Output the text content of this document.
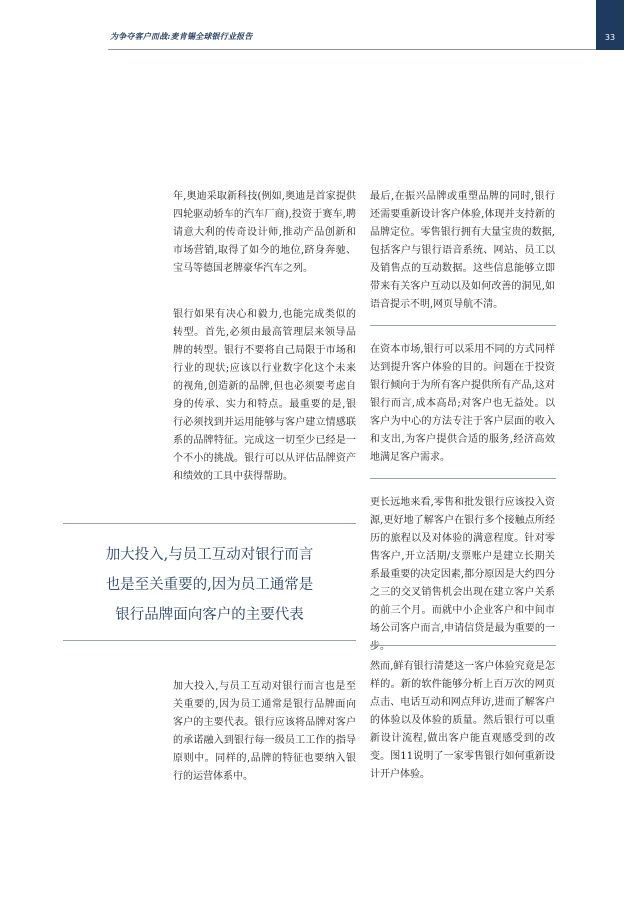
为争夺客户而战:麦肯锡全球银行业报告	33

年,奥迪采取新科技(例如,奥迪是首家提供四轮驱动轿车的汽车厂商),投资于赛车,聘请意大利的传奇设计师,推动产品创新和市场营销,取得了如今的地位,跻身奔驰、宝马等德国老牌豪华汽车之列。

银行如果有决心和毅力,也能完成类似的转型。首先,必须由最高管理层来领导品牌的转型。银行不要将自己局限于市场和行业的现状;应该以行业数字化这个未来的视角,创造新的品牌,但也必须要考虑自身的传承、实力和特点。最重要的是,银行必须找到并运用能够与客户建立情感联系的品牌特征。完成这一切至少已经是一个不小的挑战。银行可以从评估品牌资产和绩效的工具中获得帮助。

加大投入,与员工互动对银行而言
也是至关重要的,因为员工通常是
银行品牌面向客户的主要代表

加大投入,与员工互动对银行而言也是至关重要的,因为员工通常是银行品牌面向客户的主要代表。银行应该将品牌对客户的承诺融入到银行每一级员工工作的指导原则中。同样的,品牌的特征也要纳入银行的运营体系中。

最后,在振兴品牌或重塑品牌的同时,银行还需要重新设计客户体验,体现并支持新的品牌定位。零售银行拥有大量宝贵的数据,包括客户与银行语音系统、网站、员工以及销售点的互动数据。这些信息能够立即带来有关客户互动以及如何改善的洞见,如语音提示不明,网页导航不清。

在资本市场,银行可以采用不同的方式同样达到提升客户体验的目的。问题在于投资银行倾向于为所有客户提供所有产品,这对银行而言,成本高昂;对客户也无益处。以客户为中心的方法专注于客户层面的收入和支出,为客户提供合适的服务,经济高效地满足客户需求。

更长远地来看,零售和批发银行应该投入资源,更好地了解客户在银行多个接触点所经历的旅程以及对体验的满意程度。针对零售客户,开立活期/支票账户是建立长期关系最重要的决定因素,都分原因是大约四分之三的交叉销售机会出现在建立客户关系的前三个月。而就中小企业客户和中间市场公司客户而言,申请信贷是最为重要的一步。

然而,鲜有银行清楚这一客户体验究竟是怎样的。新的软件能够分析上百万次的网页点击、电话互动和网点拜访,进而了解客户的体验以及体验的质量。然后银行可以重新设计流程,做出客户能直观感受到的改变。图11说明了一家零售银行如何重新设计开户体验。
